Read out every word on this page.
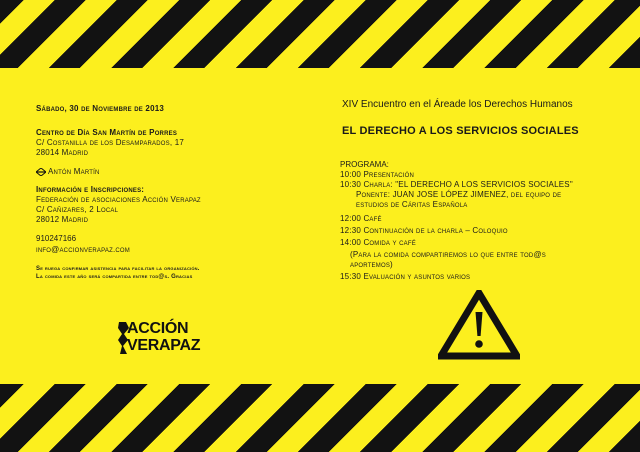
Sábado, 30 de Noviembre de 2013
Centro de Día San Martín de Porres
C/ Costanilla de los Desamparados, 17
28014 Madrid
Antón Martín
Información e Inscripciones:
Federación de asociaciones Acción Verapaz
C/ Cañizares, 2 Local
28012 Madrid
910247166
info@accionverapaz.com
Se ruega confirmar asistencia para facilitar la organización.
La comida este año será compartida entre tod@s. Gracias
ACCIÓN
VERAPAZ
XIV Encuentro en el Áreade los Derechos Humanos
EL DERECHO A LOS SERVICIOS SOCIALES
PROGRAMA:
10:00 Presentación
10:30 Charla: "EL DERECHO A LOS SERVICIOS SOCIALES"
Ponente: JUAN JOSE LÓPEZ JIMENEZ, del equipo de
estudios de Cáritas Española
12:00 Café
12:30 Continuación de la charla – Coloquio
14:00 Comida y café
(Para la comida compartiremos lo que entre tod@s
aportemos)
15:30 Evaluación y asuntos varios
